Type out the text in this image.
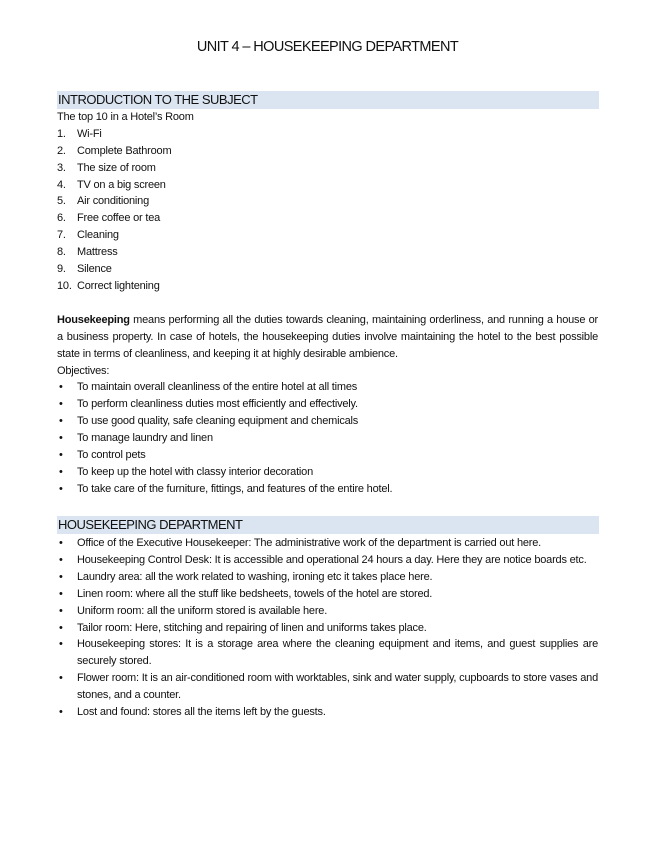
UNIT 4 – HOUSEKEEPING DEPARTMENT
INTRODUCTION TO THE SUBJECT
The top 10 in a Hotel’s Room
1.	Wi-Fi
2.	Complete Bathroom
3.	The size of room
4.	TV on a big screen
5.	Air conditioning
6.	Free coffee or tea
7.	Cleaning
8.	Mattress
9.	Silence
10. Correct lightening
Housekeeping means performing all the duties towards cleaning, maintaining orderliness, and running a house or a business property. In case of hotels, the housekeeping duties involve maintaining the hotel to the best possible state in terms of cleanliness, and keeping it at highly desirable ambience.
Objectives:
•	To maintain overall cleanliness of the entire hotel at all times
•	To perform cleanliness duties most efficiently and effectively.
•	To use good quality, safe cleaning equipment and chemicals
•	To manage laundry and linen
•	To control pets
•	To keep up the hotel with classy interior decoration
•	To take care of the furniture, fittings, and features of the entire hotel.
HOUSEKEEPING DEPARTMENT
•	Office of the Executive Housekeeper: The administrative work of the department is carried out here.
•	Housekeeping Control Desk: It is accessible and operational 24 hours a day. Here they are notice boards etc.
•	Laundry area: all the work related to washing, ironing etc it takes place here.
•	Linen room: where all the stuff like bedsheets, towels of the hotel are stored.
•	Uniform room: all the uniform stored is available here.
•	Tailor room: Here, stitching and repairing of linen and uniforms takes place.
•	Housekeeping stores: It is a storage area where the cleaning equipment and items, and guest supplies are securely stored.
•	Flower room: It is an air-conditioned room with worktables, sink and water supply, cupboards to store vases and stones, and a counter.
•	Lost and found: stores all the items left by the guests.
